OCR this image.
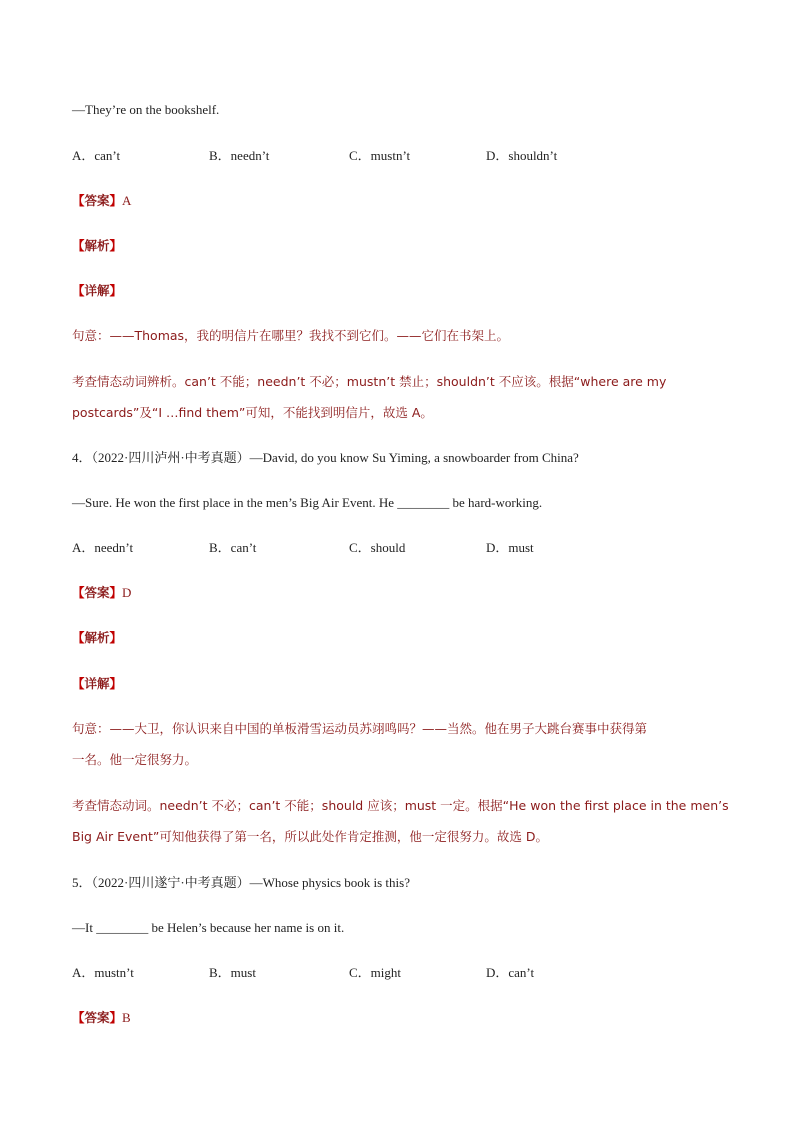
—They’re on the bookshelf.
A．can’t	B．needn’t	C．mustn’t	D．shouldn’t
【答案】A
【解析】
【详解】
句意：——Thomas，我的明信片在哪里？我找不到它们。——它们在书架上。
考查情态动词辨析。can’t 不能；needn’t 不必；mustn’t 禁止；shouldn’t 不应该。根据“where are my
postcards”及“I …find them”可知，不能找到明信片，故选 A。
4．（2022·四川泸州·中考真题）—David, do you know Su Yiming, a snowboarder from China?
—Sure. He won the first place in the men’s Big Air Event. He ________ be hard-working.
A．needn’t	B．can’t	C．should	D．must
【答案】D
【解析】
【详解】
句意：——大卫，你认识来自中国的单板滑雪运动员苏翊鸣吗？——当然。他在男子大跳台赛事中获得第
一名。他一定很努力。
考查情态动词。needn’t 不必；can’t 不能；should 应该；must 一定。根据“He won the first place in the men’s
Big Air Event”可知他获得了第一名，所以此处作肯定推测，他一定很努力。故选 D。
5．（2022·四川遂宁·中考真题）—Whose physics book is this?
—It ________ be Helen’s because her name is on it.
A．mustn’t	B．must	C．might	D．can’t
【答案】B
